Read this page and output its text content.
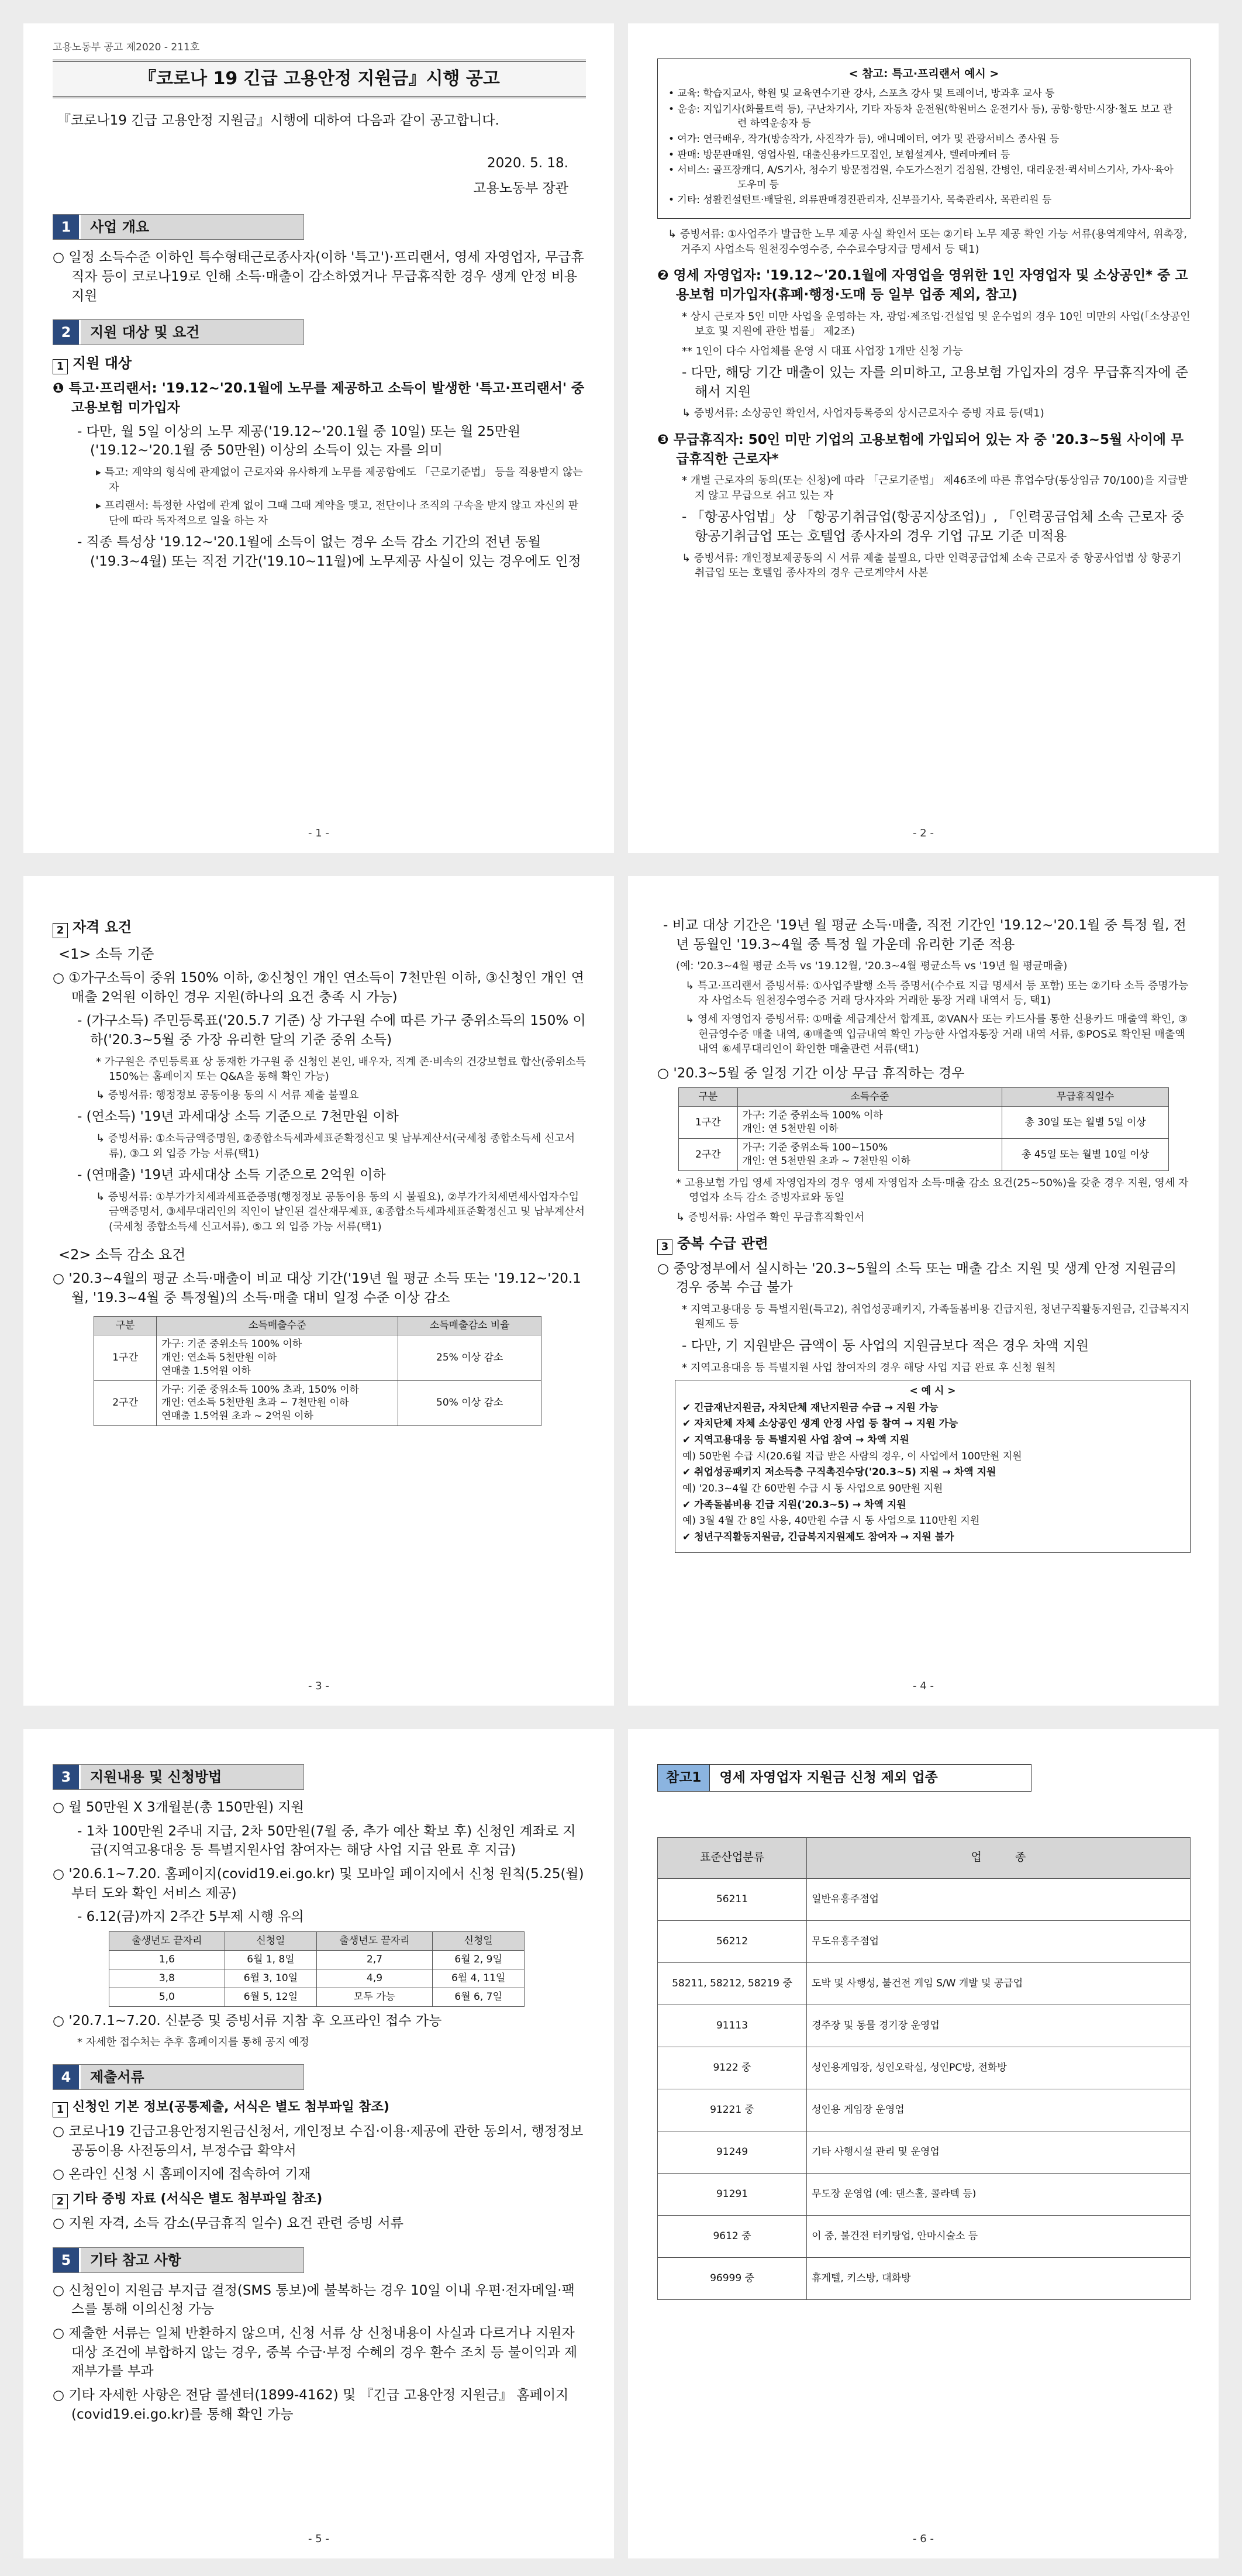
고용노동부 공고 제2020 - 211호
『코로나 19 긴급 고용안정 지원금』시행 공고
『코로나19 긴급 고용안정 지원금』시행에 대하여 다음과 같이 공고합니다.
2020. 5. 18.
고용노동부 장관
1	사업 개요
○ 일정 소득수준 이하인 특수형태근로종사자(이하 '특고')·프리랜서, 영세 자영업자, 무급휴직자 등이 코로나19로 인해 소득·매출이 감소하였거나 무급휴직한 경우 생계 안정 비용 지원
2	지원 대상 및 요건
1 지원 대상
❶ 특고·프리랜서: '19.12~'20.1월에 노무를 제공하고 소득이 발생한 '특고·프리랜서' 중 고용보험 미가입자
- 다만, 월 5일 이상의 노무 제공('19.12~'20.1월 중 10일) 또는 월 25만원('19.12~'20.1월 중 50만원) 이상의 소득이 있는 자를 의미
▸ 특고: 계약의 형식에 관계없이 근로자와 유사하게 노무를 제공함에도 「근로기준법」 등을 적용받지 않는 자
▸ 프리랜서: 특정한 사업에 관계 없이 그때 그때 계약을 맺고, 전단이나 조직의 구속을 받지 않고 자신의 판단에 따라 독자적으로 일을 하는 자
- 직종 특성상 '19.12~'20.1월에 소득이 없는 경우 소득 감소 기간의 전년 동월('19.3~4월) 또는 직전 기간('19.10~11월)에 노무제공 사실이 있는 경우에도 인정
- 1 -
< 참고: 특고·프리랜서 예시 >
• 교육: 학습지교사, 학원 및 교육연수기관 강사, 스포츠 강사 및 트레이너, 방과후 교사 등
• 운송: 지입기사(화물트럭 등), 구난차기사, 기타 자동차 운전원(학원버스 운전기사 등), 공항·항만·시장·철도 보고 관련 하역운송자 등
• 여가: 연극배우, 작가(방송작가, 사진작가 등), 애니메이터, 여가 및 관광서비스 종사원 등
• 판매: 방문판매원, 영업사원, 대출신용카드모집인, 보험설계사, 텔레마케터 등
• 서비스: 골프장캐디, A/S기사, 청수기 방문점검원, 수도가스전기 검침원, 간병인, 대리운전·퀵서비스기사, 가사·육아도우미 등
• 기타: 성활컨설턴트·배달원, 의류판매경진관리자, 신부플기사, 목축관리사, 목관리원 등
↳ 증빙서류: ①사업주가 발급한 노무 제공 사실 확인서 또는 ②기타 노무 제공 확인 가능 서류(용역계약서, 위촉장, 거주지 사업소득 원천징수영수증, 수수료수당지급 명세서 등 택1)
❷ 영세 자영업자: '19.12~'20.1월에 자영업을 영위한 1인 자영업자 및 소상공인* 중 고용보험 미가입자(휴폐·행정·도매 등 일부 업종 제외, 참고)
* 상시 근로자 5인 미만 사업을 운영하는 자, 광업·제조업·건설업 및 운수업의 경우 10인 미만의 사업(「소상공인 보호 및 지원에 관한 법률」 제2조)
** 1인이 다수 사업체를 운영 시 대표 사업장 1개만 신청 가능
- 다만, 해당 기간 매출이 있는 자를 의미하고, 고용보험 가입자의 경우 무급휴직자에 준해서 지원
↳ 증빙서류: 소상공인 확인서, 사업자등록증외 상시근로자수 증빙 자료 등(택1)
❸ 무급휴직자: 50인 미만 기업의 고용보험에 가입되어 있는 자 중 '20.3~5월 사이에 무급휴직한 근로자*
* 개별 근로자의 동의(또는 신청)에 따라 「근로기준법」 제46조에 따른 휴업수당(통상임금 70/100)을 지급받지 않고 무급으로 쉬고 있는 자
- 「항공사업법」상 「항공기취급업(항공지상조업)」, 「인력공급업체 소속 근로자 중 항공기취급업 또는 호텔업 종사자의 경우 기업 규모 기준 미적용
↳ 증빙서류: 개인정보제공동의 시 서류 제출 불필요, 다만 인력공급업체 소속 근로자 중 항공사업법 상 항공기취급업 또는 호텔업 종사자의 경우 근로계약서 사본
- 2 -
2 자격 요건
<1> 소득 기준
○ ①가구소득이 중위 150% 이하, ②신청인 개인 연소득이 7천만원 이하, ③신청인 개인 연매출 2억원 이하인 경우 지원(하나의 요건 충족 시 가능)
- (가구소득) 주민등록표('20.5.7 기준) 상 가구원 수에 따른 가구 중위소득의 150% 이하('20.3~5월 중 가장 유리한 달의 기준 중위 소득)
* 가구원은 주민등록표 상 동재한 가구원 중 신청인 본인, 배우자, 직계 존·비속의 건강보험료 합산(중위소득 150%는 홈페이지 또는 Q&A을 통해 확인 가능)
↳ 증빙서류: 행정정보 공동이용 동의 시 서류 제출 불필요
- (연소득) '19년 과세대상 소득 기준으로 7천만원 이하
↳ 증빙서류: ①소득금액증명원, ②종합소득세과세표준확정신고 및 납부계산서(국세청 종합소득세 신고서류), ③그 외 입증 가능 서류(택1)
- (연매출) '19년 과세대상 소득 기준으로 2억원 이하
↳ 증빙서류: ①부가가치세과세표준증명(행정정보 공동이용 동의 시 불필요), ②부가가치세면세사업자수입금액증명서, ③세무대리인의 직인이 날인된 결산재무제표, ④종합소득세과세표준확정신고 및 납부계산서(국세청 종합소득세 신고서류), ⑤그 외 입증 가능 서류(택1)
<2> 소득 감소 요건
○ '20.3~4월의 평균 소득·매출이 비교 대상 기간('19년 월 평균 소득 또는 '19.12~'20.1월, '19.3~4월 중 특정월)의 소득·매출 대비 일정 수준 이상 감소
구분	소득매출수준	소득매출감소 비율
1구간	가구: 기준 중위소득 100% 이하
개인: 연소득 5천만원 이하
연매출 1.5억원 이하	25% 이상 감소
2구간	가구: 기준 중위소득 100% 초과, 150% 이하
개인: 연소득 5천만원 초과 ~ 7천만원 이하
연매출 1.5억원 초과 ~ 2억원 이하	50% 이상 감소
- 3 -
- 비교 대상 기간은 '19년 월 평균 소득·매출, 직전 기간인 '19.12~'20.1월 중 특정 월, 전년 동월인 '19.3~4월 중 특정 월 가운데 유리한 기준 적용
(예: '20.3~4월 평균 소득 vs '19.12월, '20.3~4월 평균소득 vs '19년 월 평균매출)
↳ 특고·프리랜서 증빙서류: ①사업주발행 소득 증명서(수수료 지급 명세서 등 포함) 또는 ②기타 소득 증명가능자 사업소득 원천징수영수증 거래 당사자와 거래한 통장 거래 내역서 등, 택1)
↳ 영세 자영업자 증빙서류: ①매출 세금계산서 합계표, ②VAN사 또는 카드사를 통한 신용카드 매출액 확인, ③현금영수증 매출 내역, ④매출액 입금내역 확인 가능한 사업자통장 거래 내역 서류, ⑤POS로 확인된 매출액 내역 ⑥세무대리인이 확인한 매출관련 서류(택1)
○ '20.3~5월 중 일정 기간 이상 무급 휴직하는 경우
구분	소득수준	무급휴직일수
1구간	가구: 기준 중위소득 100% 이하
개인: 연 5천만원 이하	총 30일 또는 월별 5일 이상
2구간	가구: 기준 중위소득 100~150%
개인: 연 5천만원 초과 ~ 7천만원 이하	총 45일 또는 월별 10일 이상
* 고용보험 가입 영세 자영업자의 경우 영세 자영업자 소득·매출 감소 요건(25~50%)을 갖춘 경우 지원, 영세 자영업자 소득 감소 증빙자료와 동일
↳ 증빙서류: 사업주 확인 무급휴직확인서
3 중복 수급 관련
○ 중앙정부에서 실시하는 '20.3~5월의 소득 또는 매출 감소 지원 및 생계 안정 지원금의 경우 중복 수급 불가
* 지역고용대응 등 특별지원(특고2), 취업성공패키지, 가족돌봄비용 긴급지원, 청년구직활동지원금, 긴급복지지원제도 등
- 다만, 기 지원받은 금액이 동 사업의 지원금보다 적은 경우 차액 지원
* 지역고용대응 등 특별지원 사업 참여자의 경우 해당 사업 지급 완료 후 신청 원칙
< 예 시 >
✔ 긴급재난지원금, 자치단체 재난지원금 수급 → 지원 가능
✔ 자치단체 자체 소상공인 생계 안정 사업 등 참여 → 지원 가능
✔ 지역고용대응 등 특별지원 사업 참여 → 차액 지원
예) 50만원 수급 시(20.6월 지급 받은 사람의 경우, 이 사업에서 100만원 지원
✔ 취업성공패키지 저소득층 구직촉진수당('20.3~5) 지원 → 차액 지원
예) '20.3~4월 간 60만원 수급 시 동 사업으로 90만원 지원
✔ 가족돌봄비용 긴급 지원('20.3~5) → 차액 지원
예) 3월 4월 간 8일 사용, 40만원 수급 시 동 사업으로 110만원 지원
✔ 청년구직활동지원금, 긴급복지지원제도 참여자 → 지원 불가
- 4 -
3	지원내용 및 신청방법
○ 월 50만원 X 3개월분(총 150만원) 지원
- 1차 100만원 2주내 지급, 2차 50만원(7월 중, 추가 예산 확보 후) 신청인 계좌로 지급(지역고용대응 등 특별지원사업 참여자는 해당 사업 지급 완료 후 지급)
○ '20.6.1~7.20. 홈페이지(covid19.ei.go.kr) 및 모바일 페이지에서 신청 원칙(5.25(월)부터 도와 확인 서비스 제공)
- 6.12(금)까지 2주간 5부제 시행 유의
출생년도 끝자리	신청일	출생년도 끝자리	신청일
1,6	6월 1, 8일	2,7	6월 2, 9일
3,8	6월 3, 10일	4,9	6월 4, 11일
5,0	6월 5, 12일	모두 가능	6월 6, 7일
○ '20.7.1~7.20. 신분증 및 증빙서류 지참 후 오프라인 접수 가능
* 자세한 접수처는 추후 홈페이지를 통해 공지 예정
4	제출서류
1 신청인 기본 정보(공통제출, 서식은 별도 첨부파일 참조)
○ 코로나19 긴급고용안정지원금신청서, 개인정보 수집·이용·제공에 관한 동의서, 행정정보 공동이용 사전동의서, 부정수급 확약서
○ 온라인 신청 시 홈페이지에 접속하여 기재
2 기타 증빙 자료 (서식은 별도 첨부파일 참조)
○ 지원 자격, 소득 감소(무급휴직 일수) 요건 관련 증빙 서류
5	기타 참고 사항
○ 신청인이 지원금 부지급 결정(SMS 통보)에 불복하는 경우 10일 이내 우편·전자메일·팩스를 통해 이의신청 가능
○ 제출한 서류는 일체 반환하지 않으며, 신청 서류 상 신청내용이 사실과 다르거나 지원자 대상 조건에 부합하지 않는 경우, 중복 수급·부정 수혜의 경우 환수 조치 등 불이익과 제재부가를 부과
○ 기타 자세한 사항은 전담 콜센터(1899-4162) 및 『긴급 고용안정 지원금』 홈페이지(covid19.ei.go.kr)를 통해 확인 가능
- 5 -
참고1	영세 자영업자 지원금 신청 제외 업종
표준산업분류	업　　　종
56211	일반유흥주점업
56212	무도유흥주점업
58211, 58212, 58219 중	도박 및 사행성, 불건전 게임 S/W 개발 및 공급업
91113	경주장 및 동물 경기장 운영업
9122 중	성인용게임장, 성인오락실, 성인PC방, 전화방
91221 중	성인용 게임장 운영업
91249	기타 사행시설 관리 및 운영업
91291	무도장 운영업 (예: 댄스홀, 콜라텍 등)
9612 중	이 중, 불건전 터키탕업, 안마시술소 등
96999 중	휴게텔, 키스방, 대화방
- 6 -
